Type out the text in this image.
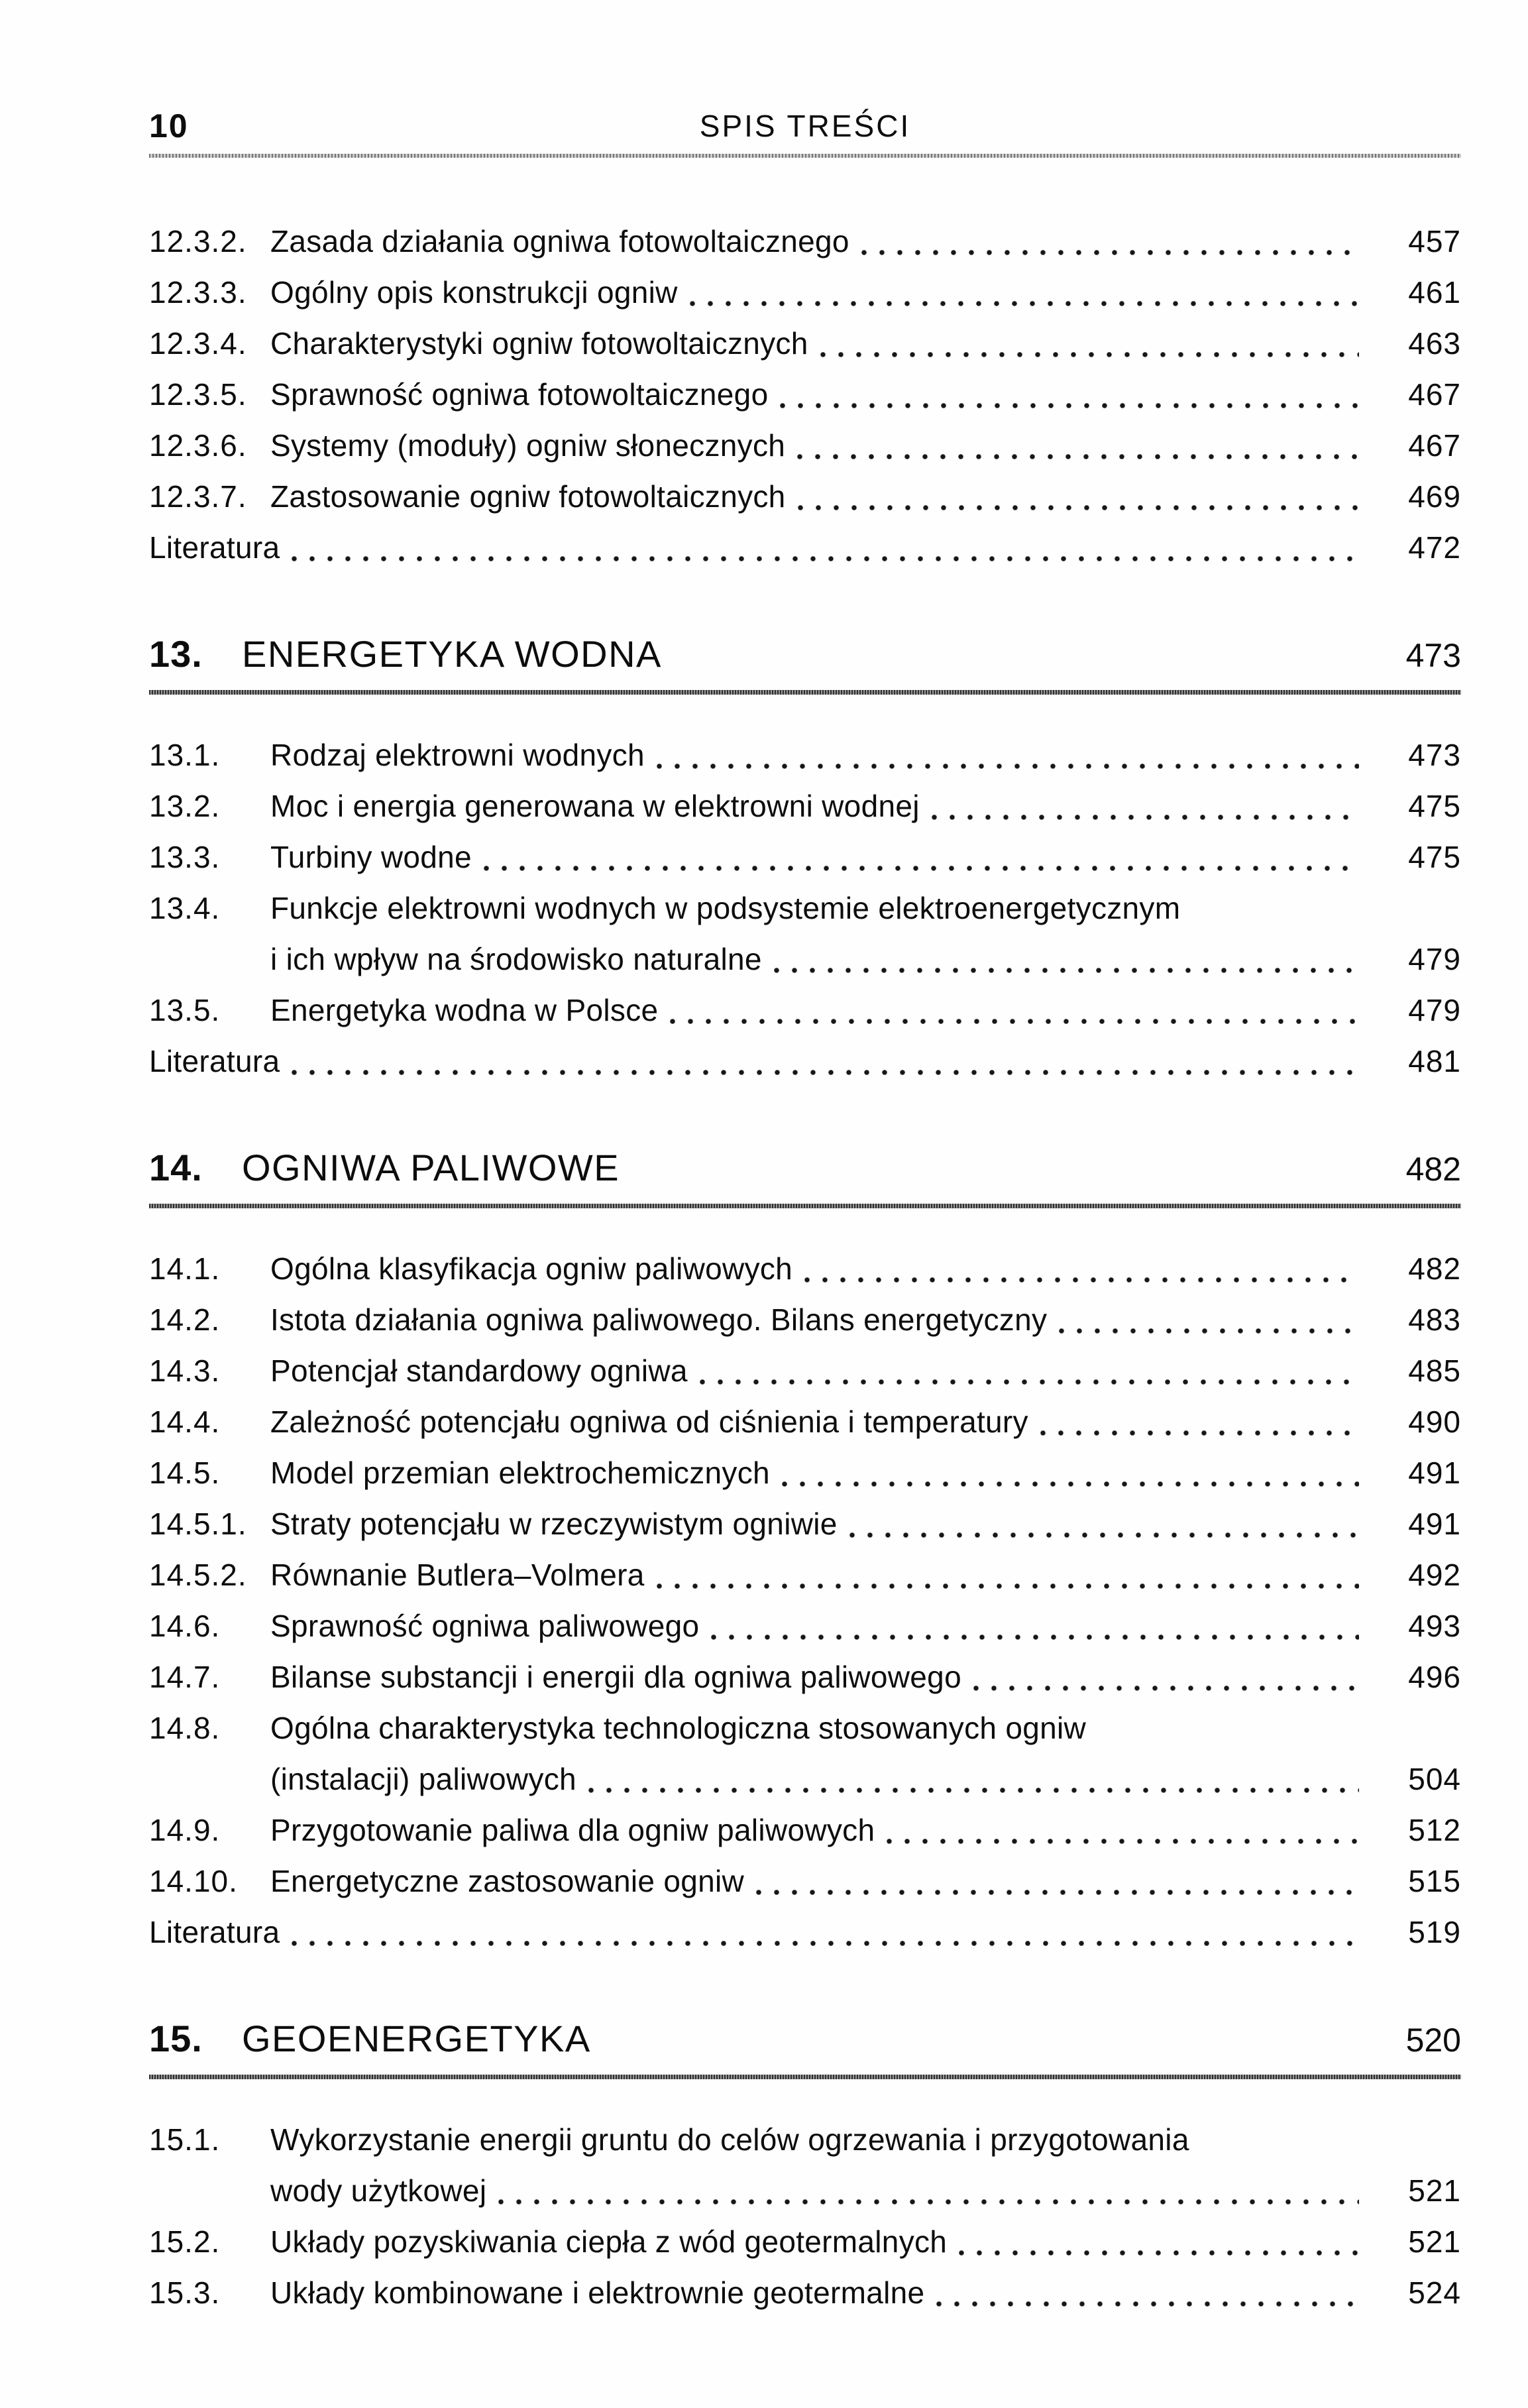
10	SPIS TREŚCI
12.3.2. Zasada działania ogniwa fotowoltaicznego	457
12.3.3. Ogólny opis konstrukcji ogniw	461
12.3.4. Charakterystyki ogniw fotowoltaicznych	463
12.3.5. Sprawność ogniwa fotowoltaicznego	467
12.3.6. Systemy (moduły) ogniw słonecznych	467
12.3.7. Zastosowanie ogniw fotowoltaicznych	469
Literatura	472
13.	ENERGETYKA WODNA	473
13.1.	Rodzaj elektrowni wodnych	473
13.2.	Moc i energia generowana w elektrowni wodnej	475
13.3.	Turbiny wodne	475
13.4.	Funkcje elektrowni wodnych w podsystemie elektroenergetycznym

i ich wpływ na środowisko naturalne	479
13.5.	Energetyka wodna w Polsce	479
Literatura	481
14.	OGNIWA PALIWOWE	482
14.1.	Ogólna klasyfikacja ogniw paliwowych	482
14.2.	Istota działania ogniwa paliwowego. Bilans energetyczny	483
14.3.	Potencjał standardowy ogniwa	485
14.4.	Zależność potencjału ogniwa od ciśnienia i temperatury	490
14.5.	Model przemian elektrochemicznych	491
14.5.1. Straty potencjału w rzeczywistym ogniwie	491
14.5.2. Równanie Butlera–Volmera	492
14.6.	Sprawność ogniwa paliwowego	493
14.7.	Bilanse substancji i energii dla ogniwa paliwowego	496
14.8.	Ogólna charakterystyka technologiczna stosowanych ogniw

(instalacji) paliwowych	504
14.9.	Przygotowanie paliwa dla ogniw paliwowych	512
14.10.	Energetyczne zastosowanie ogniw	515
Literatura	519
15.	GEOENERGETYKA	520
15.1.	Wykorzystanie energii gruntu do celów ogrzewania i przygotowania

wody użytkowej	521
15.2.	Układy pozyskiwania ciepła z wód geotermalnych	521
15.3.	Układy kombinowane i elektrownie geotermalne	524
